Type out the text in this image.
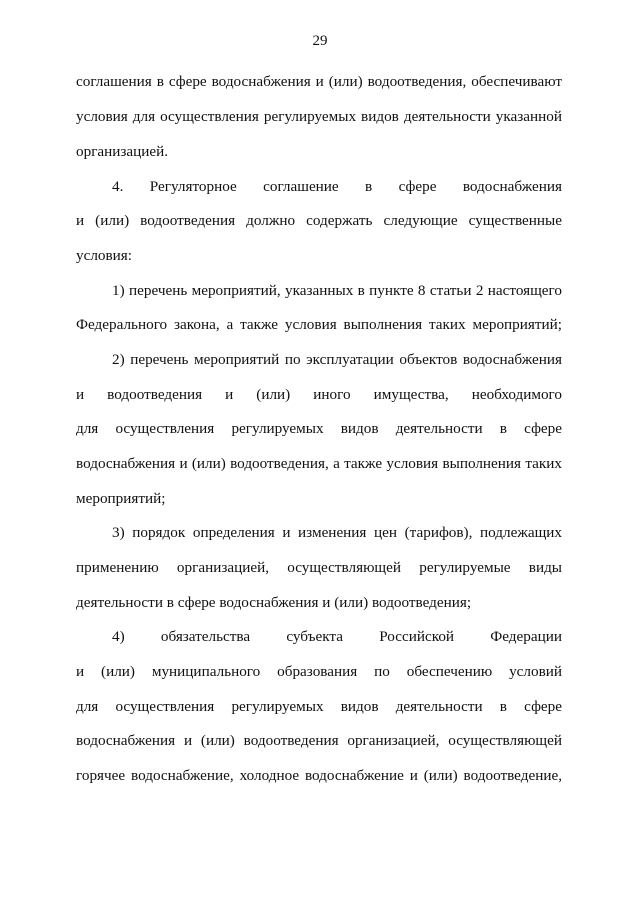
29
соглашения в сфере водоснабжения и (или) водоотведения, обеспечивают
условия для осуществления регулируемых видов деятельности указанной
организацией.
4. Регуляторное соглашение в сфере водоснабжения
и (или) водоотведения должно содержать следующие существенные
условия:
1) перечень мероприятий, указанных в пункте 8 статьи 2 настоящего
Федерального закона, а также условия выполнения таких мероприятий;
2) перечень мероприятий по эксплуатации объектов водоснабжения
и водоотведения и (или) иного имущества, необходимого
для осуществления регулируемых видов деятельности в сфере
водоснабжения и (или) водоотведения, а также условия выполнения таких
мероприятий;
3) порядок определения и изменения цен (тарифов), подлежащих
применению организацией, осуществляющей регулируемые виды
деятельности в сфере водоснабжения и (или) водоотведения;
4) обязательства субъекта Российской Федерации
и (или) муниципального образования по обеспечению условий
для осуществления регулируемых видов деятельности в сфере
водоснабжения и (или) водоотведения организацией, осуществляющей
горячее водоснабжение, холодное водоснабжение и (или) водоотведение,
